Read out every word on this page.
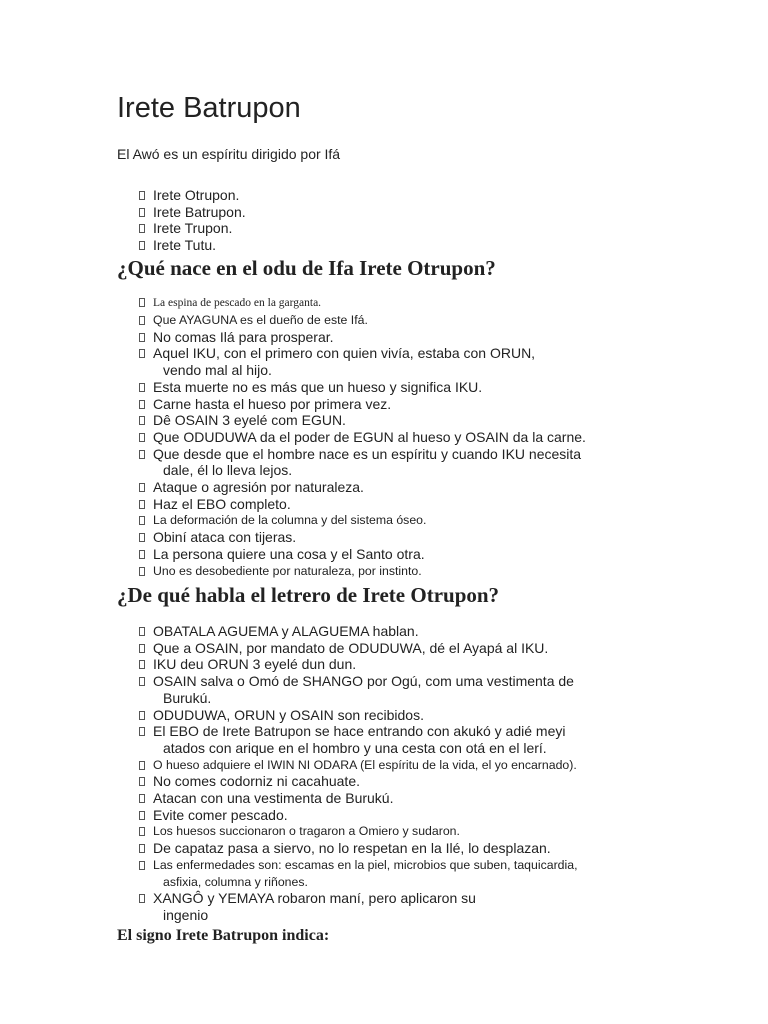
Irete Batrupon

El Awó es un espíritu dirigido por Ifá

Irete Otrupon.
Irete Batrupon.
Irete Trupon.
Irete Tutu.
¿Qué nace en el odu de Ifa Irete Otrupon?
La espina de pescado en la garganta.
Que AYAGUNA es el dueño de este Ifá.
No comas Ilá para prosperar.
Aquel IKU, con el primero con quien vivía, estaba con ORUN,
vendo mal al hijo.
Esta muerte no es más que un hueso y significa IKU.
Carne hasta el hueso por primera vez.
Dê OSAIN 3 eyelé com EGUN.
Que ODUDUWA da el poder de EGUN al hueso y OSAIN da la carne.
Que desde que el hombre nace es un espíritu y cuando IKU necesita
dale, él lo lleva lejos.
Ataque o agresión por naturaleza.
Haz el EBO completo.
La deformación de la columna y del sistema óseo.
Obiní ataca con tijeras.
La persona quiere una cosa y el Santo otra.
Uno es desobediente por naturaleza, por instinto.
¿De qué habla el letrero de Irete Otrupon?
OBATALA AGUEMA y ALAGUEMA hablan.
Que a OSAIN, por mandato de ODUDUWA, dé el Ayapá al IKU.
IKU deu ORUN 3 eyelé dun dun.
OSAIN salva o Omó de SHANGO por Ogú, com uma vestimenta de
Burukú.
ODUDUWA, ORUN y OSAIN son recibidos.
El EBO de Irete Batrupon se hace entrando con akukó y adié meyi
atados con arique en el hombro y una cesta con otá en el lerí.
O hueso adquiere el IWIN NI ODARA (El espíritu de la vida, el yo encarnado).
No comes codorniz ni cacahuate.
Atacan con una vestimenta de Burukú.
Evite comer pescado.
Los huesos succionaron o tragaron a Omiero y sudaron.
De capataz pasa a siervo, no lo respetan en la Ilé, lo desplazan.
Las enfermedades son: escamas en la piel, microbios que suben, taquicardia,
asfixia, columna y riñones.
XANGÔ y YEMAYA robaron maní, pero aplicaron su
ingenio
El signo Irete Batrupon indica:
